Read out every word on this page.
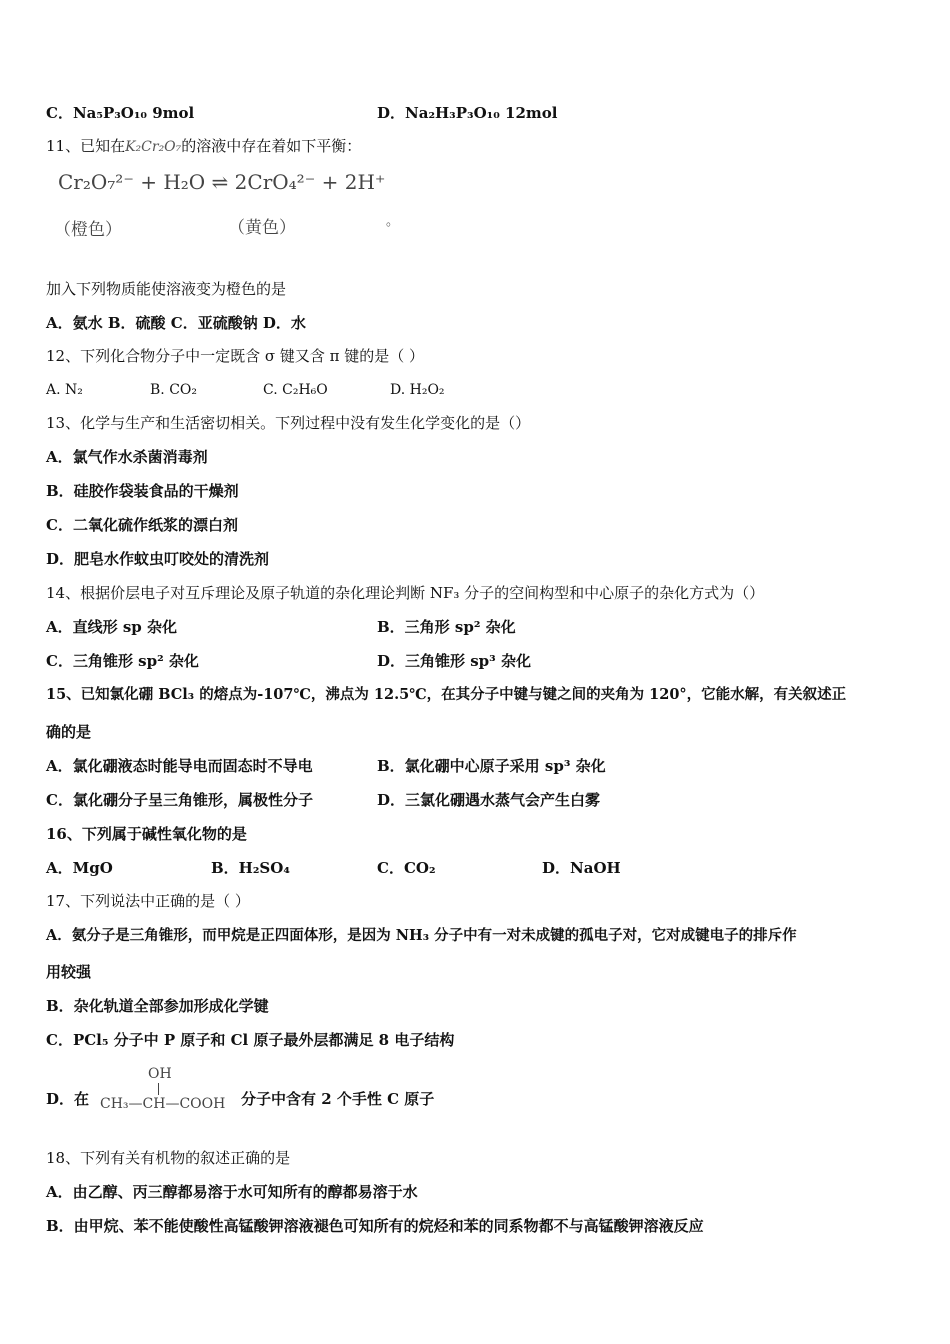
C．Na₅P₃O₁₀ 9mol	D．Na₂H₃P₃O₁₀ 12mol
11、已知在K₂Cr₂O₇的溶液中存在着如下平衡：
Cr₂O₇²⁻ + H₂O ⇌ 2CrO₄²⁻ + 2H⁺
（橙色）	（黄色）	。
加入下列物质能使溶液变为橙色的是
A．氨水 B．硫酸 C．亚硫酸钠 D．水
12、下列化合物分子中一定既含 σ 键又含 π 键的是（ ）
A. N₂	B. CO₂	C. C₂H₆O	D. H₂O₂
13、化学与生产和生活密切相关。下列过程中没有发生化学变化的是（）
A．氯气作水杀菌消毒剂
B．硅胶作袋装食品的干燥剂
C．二氧化硫作纸浆的漂白剂
D．肥皂水作蚊虫叮咬处的清洗剂
14、根据价层电子对互斥理论及原子轨道的杂化理论判断 NF₃ 分子的空间构型和中心原子的杂化方式为（）
A．直线形 sp 杂化	B．三角形 sp² 杂化
C．三角锥形 sp² 杂化	D．三角锥形 sp³ 杂化
15、已知氯化硼 BCl₃ 的熔点为-107℃，沸点为 12.5℃，在其分子中键与键之间的夹角为 120°，它能水解，有关叙述正
确的是
A．氯化硼液态时能导电而固态时不导电	B．氯化硼中心原子采用 sp³ 杂化
C．氯化硼分子呈三角锥形，属极性分子	D．三氯化硼遇水蒸气会产生白雾
16、下列属于碱性氧化物的是
A．MgO	B．H₂SO₄	C．CO₂	D．NaOH
17、下列说法中正确的是（ ）
A．氨分子是三角锥形，而甲烷是正四面体形，是因为 NH₃ 分子中有一对未成键的孤电子对，它对成键电子的排斥作
用较强
B．杂化轨道全部参加形成化学键
C．PCl₅ 分子中 P 原子和 Cl 原子最外层都满足 8 电子结构
D．在
OH
CH₃—CH—COOH 分子中含有 2 个手性 C 原子
18、下列有关有机物的叙述正确的是
A．由乙醇、丙三醇都易溶于水可知所有的醇都易溶于水
B．由甲烷、苯不能使酸性高锰酸钾溶液褪色可知所有的烷烃和苯的同系物都不与高锰酸钾溶液反应
